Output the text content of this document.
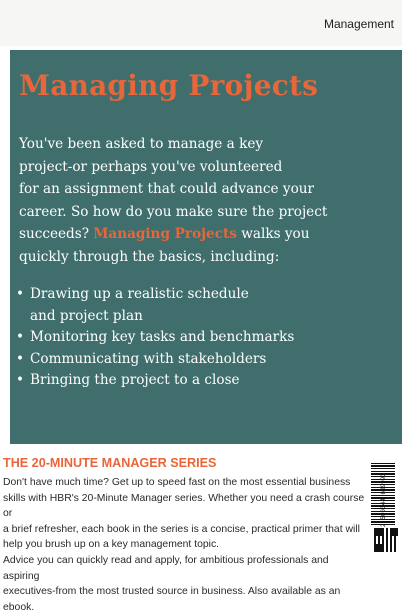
Management
Managing Projects
You've been asked to manage a key
project-or perhaps you've volunteered
for an assignment that could advance your
career. So how do you make sure the project
succeeds? Managing Projects walks you
quickly through the basics, including:
• Drawing up a realistic schedule
and project plan
• Monitoring key tasks and benchmarks
• Communicating with stakeholders
• Bringing the project to a close
THE 20-MINUTE MANAGER SERIES
Don't have much time? Get up to speed fast on the most essential business
skills with HBR's 20-Minute Manager series. Whether you need a crash course or
a brief refresher, each book in the series is a concise, practical primer that will
help you brush up on a key management topic.
Advice you can quickly read and apply, for ambitious professionals and aspiring
executives-from the most trusted source in business. Also available as an ebook.
2 500344 609993
